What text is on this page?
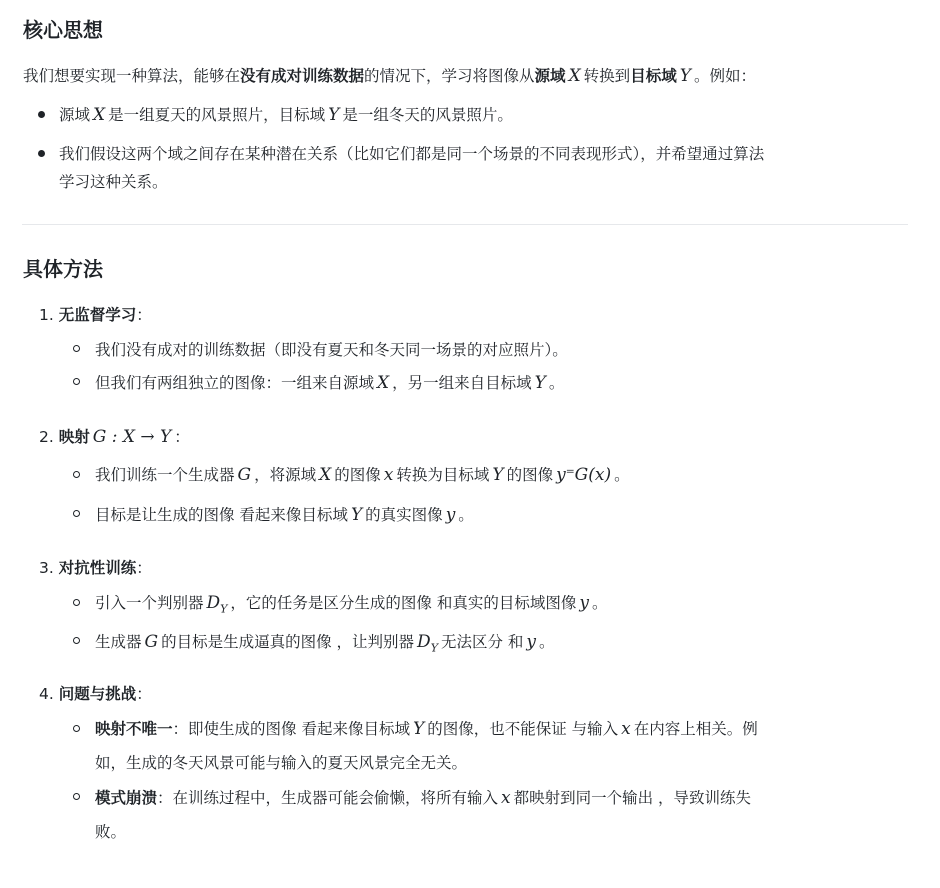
核心思想
我们想要实现一种算法，能够在没有成对训练数据的情况下，学习将图像从源域 X 转换到目标域 Y 。例如：
源域 X 是一组夏天的风景照片，目标域 Y 是一组冬天的风景照片。
我们假设这两个域之间存在某种潜在关系（比如它们都是同一个场景的不同表现形式），并希望通过算法
学习这种关系。
具体方法
1. 无监督学习：
我们没有成对的训练数据（即没有夏天和冬天同一场景的对应照片）。
但我们有两组独立的图像：一组来自源域 X ，另一组来自目标域 Y 。
2. 映射 G : X → Y ：
我们训练一个生成器 G ，将源域 X 的图像 x 转换为目标域 Y 的图像 y⁼G(x) 。
目标是让生成的图像 看起来像目标域 Y 的真实图像 y 。
3. 对抗性训练：
引入一个判别器 $D_Y$ ，它的任务是区分生成的图像 和真实的目标域图像 y 。
生成器 G 的目标是生成逼真的图像 ，让判别器 $D_Y$ 无法区分 和 y 。
4. 问题与挑战：
映射不唯一：即使生成的图像 看起来像目标域 Y 的图像，也不能保证 与输入 x 在内容上相关。例
如，生成的冬天风景可能与输入的夏天风景完全无关。
模式崩溃：在训练过程中，生成器可能会偷懒，将所有输入 x 都映射到同一个输出 ，导致训练失
败。
